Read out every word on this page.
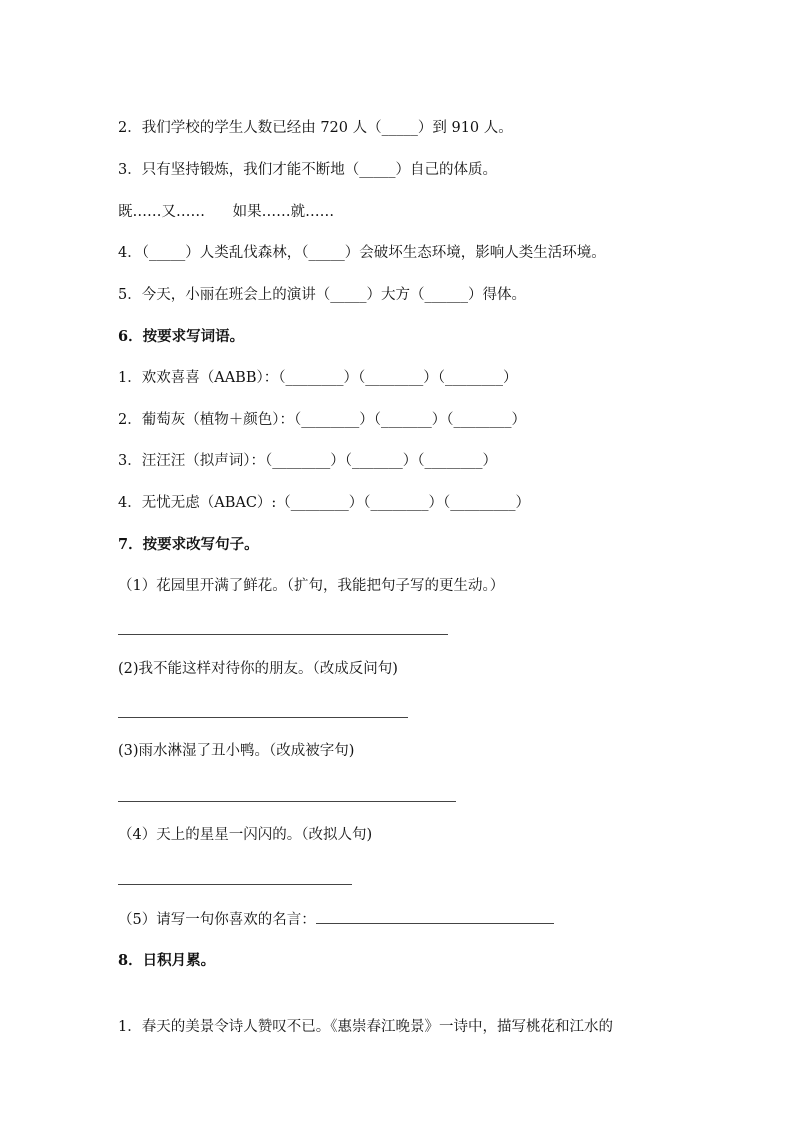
2．我们学校的学生人数已经由 720 人（_____）到 910 人。
3．只有坚持锻炼，我们才能不断地（_____）自己的体质。
既……又……      如果……就……
4．（_____）人类乱伐森林，（_____）会破坏生态环境，影响人类生活环境。
5．今天，小丽在班会上的演讲（_____）大方（______）得体。
6．按要求写词语。
1．欢欢喜喜（AABB）：（________）（________）（________）
2．葡萄灰（植物＋颜色）：（________）（_______）（________）
3．汪汪汪（拟声词）：（________）（_______）（________）
4．无忧无虑（ABAC）:（________）（________）（_________）
7．按要求改写句子。
（1）花园里开满了鲜花。（扩句，我能把句子写的更生动。）
(2)我不能这样对待你的朋友。（改成反问句)
(3)雨水淋湿了丑小鸭。（改成被字句)
（4）天上的星星一闪闪的。（改拟人句)
（5）请写一句你喜欢的名言：
8．日积月累。
1．春天的美景令诗人赞叹不已。《惠崇春江晚景》一诗中，描写桃花和江水的
